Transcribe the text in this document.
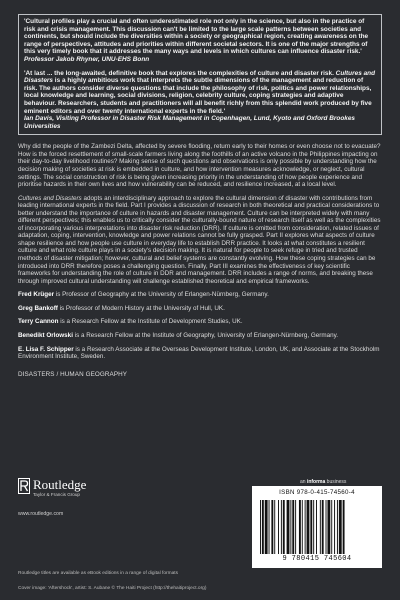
'Cultural profiles play a crucial and often underestimated role not only in the science, but also in the practice of risk and crisis management. This discussion can't be limited to the large scale patterns between societies and continents, but should include the diversities within a society or geographical region, creating awareness on the range of perspectives, attitudes and priorities within different societal sectors. It is one of the major strengths of this very timely book that it addresses the many ways and levels in which cultures can influence disaster risk.'
Professor Jakob Rhyner, UNU-EHS Bonn

'At last ... the long-awaited, definitive book that explores the complexities of culture and disaster risk. Cultures and Disasters is a highly ambitious work that interprets the subtle dimensions of the management and reduction of risk. The authors consider diverse questions that include the philosophy of risk, politics and power relationships, local knowledge and learning, social divisions, religion, celebrity culture, coping strategies and adaptive behaviour. Researchers, students and practitioners will all benefit richly from this splendid work produced by five eminent editors and over twenty international experts in the field.'
Ian Davis, Visiting Professor in Disaster Risk Management in Copenhagen, Lund, Kyoto and Oxford Brookes Universities

Why did the people of the Zambezi Delta, affected by severe flooding, return early to their homes or even choose not to evacuate? How is the forced resettlement of small-scale farmers living along the foothills of an active volcano in the Philippines impacting on their day-to-day livelihood routines? Making sense of such questions and observations is only possible by understanding how the decision making of societies at risk is embedded in culture, and how intervention measures acknowledge, or neglect, cultural settings. The social construction of risk is being given increasing priority in the understanding of how people experience and prioritise hazards in their own lives and how vulnerability can be reduced, and resilience increased, at a local level.

Cultures and Disasters adopts an interdisciplinary approach to explore the cultural dimension of disaster with contributions from leading international experts in the field. Part I provides a discussion of research in both theoretical and practical considerations to better understand the importance of culture in hazards and disaster management. Culture can be interpreted widely with many different perspectives; this enables us to critically consider the culturally-bound nature of research itself as well as the complexities of incorporating various interpretations into disaster risk reduction (DRR). If culture is omitted from consideration, related issues of adaptation, coping, intervention, knowledge and power relations cannot be fully grasped. Part II explores what aspects of culture shape resilience and how people use culture in everyday life to establish DRR practice. It looks at what constitutes a resilient culture and what role culture plays in a society's decision making. It is natural for people to seek refuge in tried and trusted methods of disaster mitigation; however, cultural and belief systems are constantly evolving. How these coping strategies can be introduced into DRR therefore poses a challenging question. Finally, Part III examines the effectiveness of key scientific frameworks for understanding the role of culture in DDR and management. DRR includes a range of norms, and breaking these through improved cultural understanding will challenge established theoretical and empirical frameworks.

Fred Krüger is Professor of Geography at the University of Erlangen-Nürnberg, Germany.

Greg Bankoff is Professor of Modern History at the University of Hull, UK.

Terry Cannon is a Research Fellow at the Institute of Development Studies, UK.

Benedikt Orlowski is a Research Fellow at the Institute of Geography, University of Erlangen-Nürnberg, Germany.

E. Lisa F. Schipper is a Research Associate at the Overseas Development Institute, London, UK, and Associate at the Stockholm Environment Institute, Sweden.

DISASTERS / HUMAN GEOGRAPHY
Routledge
Taylor & Francis Group
www.routledge.com
an informa business
ISBN 978-0-415-74560-4
9 780415 745604
Routledge titles are available as eBook editions in a range of digital formats
Cover image: 'Aftershock', artist: S. Aubane © The Haiti Project (http://thehaitiproject.org)
